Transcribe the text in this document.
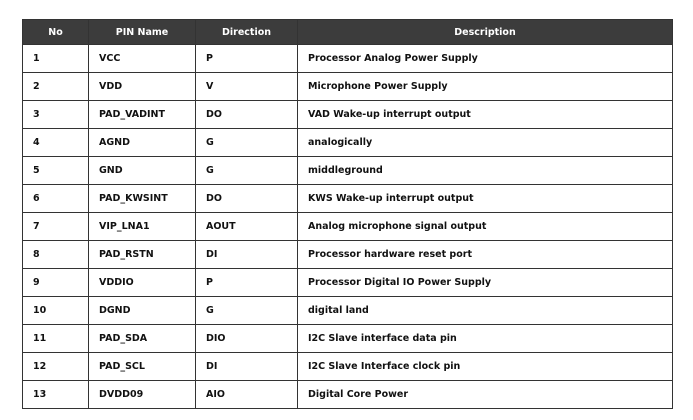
No	PIN Name	Direction	Description
1	VCC	P	Processor Analog Power Supply
2	VDD	V	Microphone Power Supply
3	PAD_VADINT	DO	VAD Wake-up interrupt output
4	AGND	G	analogically
5	GND	G	middleground
6	PAD_KWSINT	DO	KWS Wake-up interrupt output
7	VIP_LNA1	AOUT	Analog microphone signal output
8	PAD_RSTN	DI	Processor hardware reset port
9	VDDIO	P	Processor Digital IO Power Supply
10	DGND	G	digital land
11	PAD_SDA	DIO	I2C Slave interface data pin
12	PAD_SCL	DI	I2C Slave Interface clock pin
13	DVDD09	AIO	Digital Core Power
